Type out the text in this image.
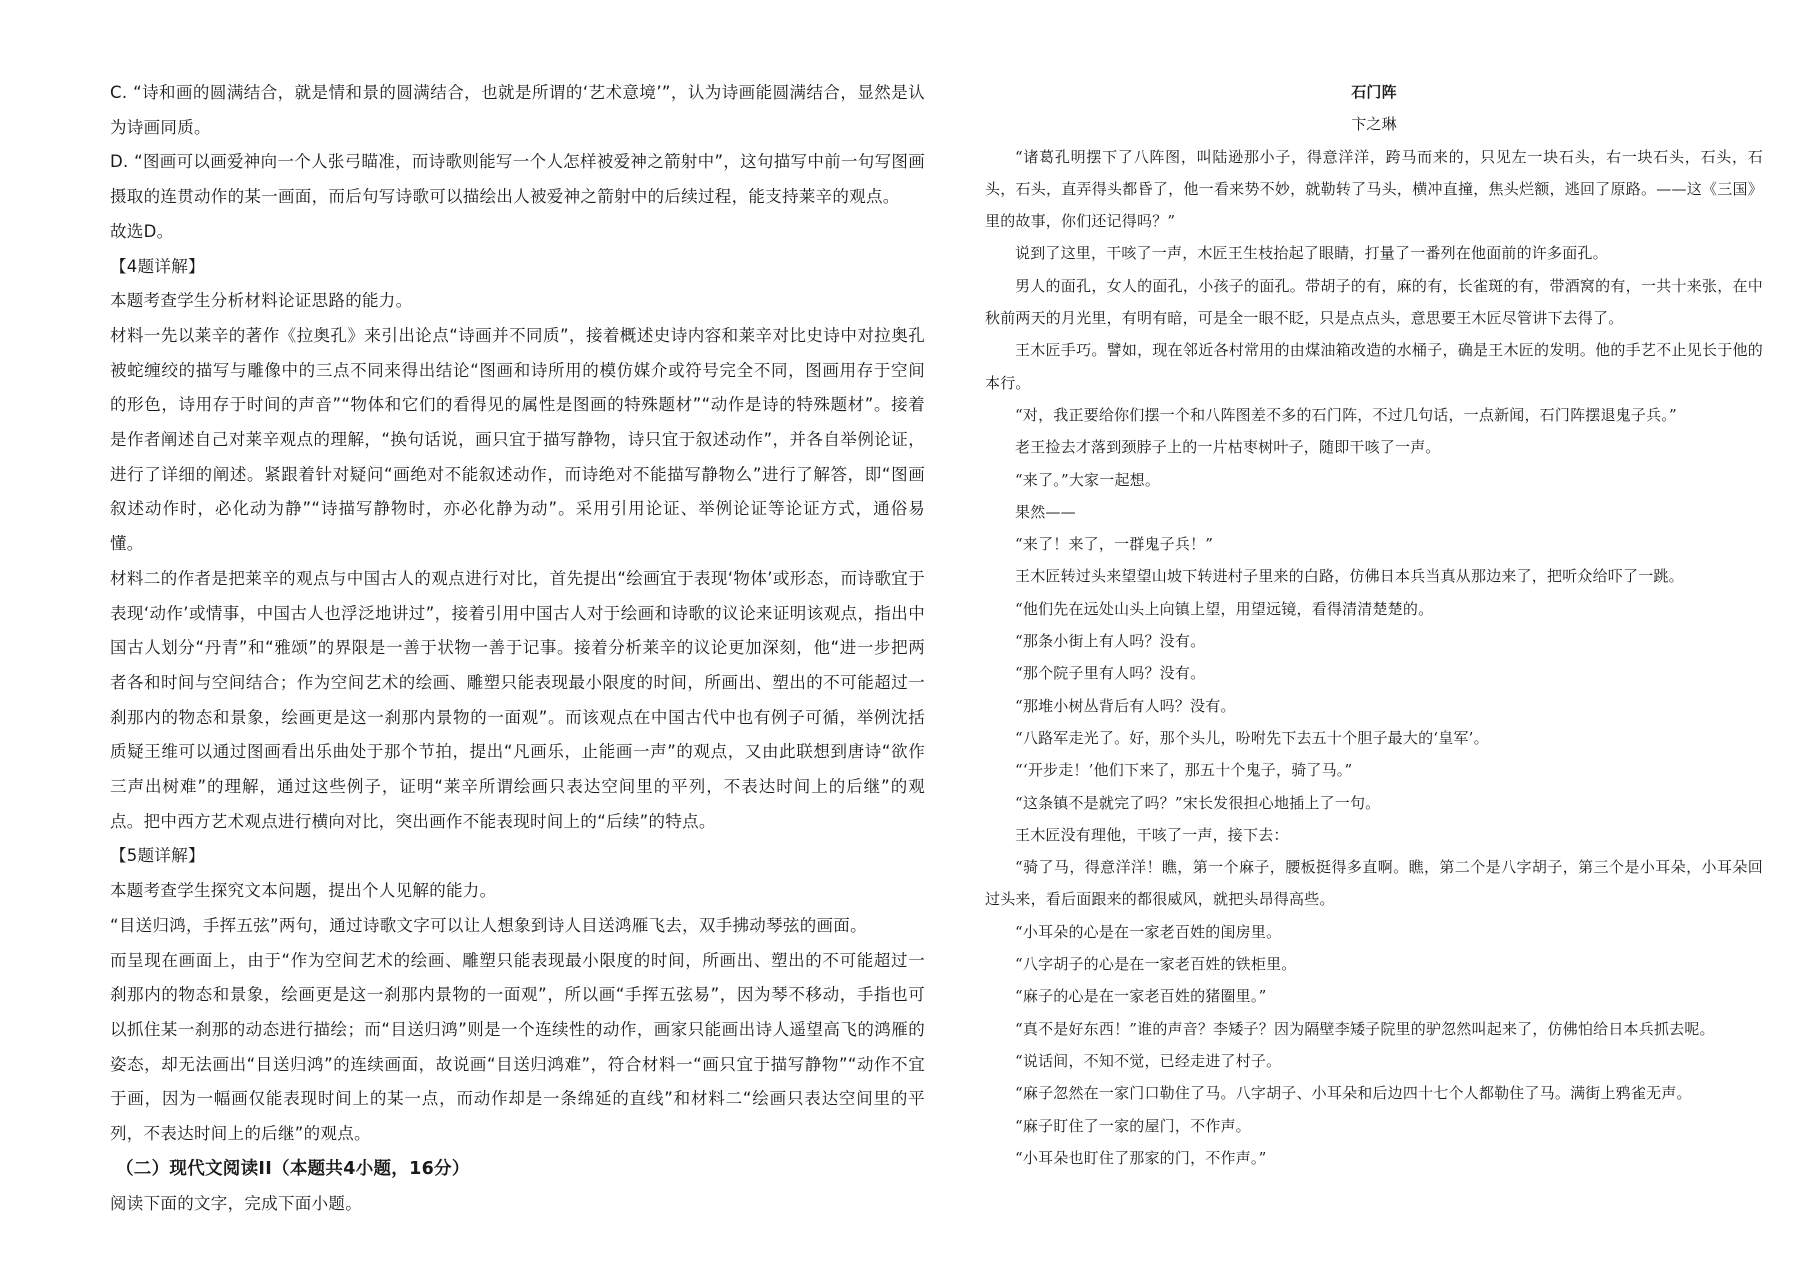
C. “诗和画的圆满结合，就是情和景的圆满结合，也就是所谓的‘艺术意境’”，认为诗画能圆满结合，显然是认为诗画同质。

D. “图画可以画爱神向一个人张弓瞄准，而诗歌则能写一个人怎样被爱神之箭射中”，这句描写中前一句写图画摄取的连贯动作的某一画面，而后句写诗歌可以描绘出人被爱神之箭射中的后续过程，能支持莱辛的观点。

故选D。

【4题详解】

本题考查学生分析材料论证思路的能力。

材料一先以莱辛的著作《拉奥孔》来引出论点“诗画并不同质”，接着概述史诗内容和莱辛对比史诗中对拉奥孔被蛇缠绞的描写与雕像中的三点不同来得出结论“图画和诗所用的模仿媒介或符号完全不同，图画用存于空间的形色，诗用存于时间的声音”“物体和它们的看得见的属性是图画的特殊题材”“动作是诗的特殊题材”。接着是作者阐述自己对莱辛观点的理解，“换句话说，画只宜于描写静物，诗只宜于叙述动作”，并各自举例论证，进行了详细的阐述。紧跟着针对疑问“画绝对不能叙述动作，而诗绝对不能描写静物么”进行了解答，即“图画叙述动作时，必化动为静”“诗描写静物时，亦必化静为动”。采用引用论证、举例论证等论证方式，通俗易懂。

材料二的作者是把莱辛的观点与中国古人的观点进行对比，首先提出“绘画宜于表现‘物体’或形态，而诗歌宜于表现‘动作’或情事，中国古人也浮泛地讲过”，接着引用中国古人对于绘画和诗歌的议论来证明该观点，指出中国古人划分“丹青”和“雅颂”的界限是一善于状物一善于记事。接着分析莱辛的议论更加深刻，他“进一步把两者各和时间与空间结合；作为空间艺术的绘画、雕塑只能表现最小限度的时间，所画出、塑出的不可能超过一刹那内的物态和景象，绘画更是这一刹那内景物的一面观”。而该观点在中国古代中也有例子可循，举例沈括质疑王维可以通过图画看出乐曲处于那个节拍，提出“凡画乐，止能画一声”的观点，又由此联想到唐诗“欲作三声出树难”的理解，通过这些例子，证明“莱辛所谓绘画只表达空间里的平列，不表达时间上的后继”的观点。把中西方艺术观点进行横向对比，突出画作不能表现时间上的“后续”的特点。

【5题详解】

本题考查学生探究文本问题，提出个人见解的能力。

“目送归鸿，手挥五弦”两句，通过诗歌文字可以让人想象到诗人目送鸿雁飞去，双手拂动琴弦的画面。

而呈现在画面上，由于“作为空间艺术的绘画、雕塑只能表现最小限度的时间，所画出、塑出的不可能超过一刹那内的物态和景象，绘画更是这一刹那内景物的一面观”，所以画“手挥五弦易”，因为琴不移动，手指也可以抓住某一刹那的动态进行描绘；而“目送归鸿”则是一个连续性的动作，画家只能画出诗人遥望高飞的鸿雁的姿态，却无法画出“目送归鸿”的连续画面，故说画“目送归鸿难”，符合材料一“画只宜于描写静物”“动作不宜于画，因为一幅画仅能表现时间上的某一点，而动作却是一条绵延的直线”和材料二“绘画只表达空间里的平列，不表达时间上的后继”的观点。

（二）现代文阅读II（本题共4小题，16分）

阅读下面的文字，完成下面小题。

石门阵

卞之琳

“诸葛孔明摆下了八阵图，叫陆逊那小子，得意洋洋，跨马而来的，只见左一块石头，右一块石头，石头，石头，石头，直弄得头都昏了，他一看来势不妙，就勒转了马头，横冲直撞，焦头烂额，逃回了原路。——这《三国》里的故事，你们还记得吗？”

说到了这里，干咳了一声，木匠王生枝抬起了眼睛，打量了一番列在他面前的许多面孔。

男人的面孔，女人的面孔，小孩子的面孔。带胡子的有，麻的有，长雀斑的有，带酒窝的有，一共十来张，在中秋前两天的月光里，有明有暗，可是全一眼不眨，只是点点头，意思要王木匠尽管讲下去得了。

王木匠手巧。譬如，现在邻近各村常用的由煤油箱改造的水桶子，确是王木匠的发明。他的手艺不止见长于他的本行。

“对，我正要给你们摆一个和八阵图差不多的石门阵，不过几句话，一点新闻，石门阵摆退鬼子兵。”

老王捡去才落到颈脖子上的一片枯枣树叶子，随即干咳了一声。

“来了。”大家一起想。

果然——

“来了！来了，一群鬼子兵！”

王木匠转过头来望望山坡下转进村子里来的白路，仿佛日本兵当真从那边来了，把听众给吓了一跳。

“他们先在远处山头上向镇上望，用望远镜，看得清清楚楚的。

“那条小街上有人吗？没有。

“那个院子里有人吗？没有。

“那堆小树丛背后有人吗？没有。

“八路军走光了。好，那个头儿，吩咐先下去五十个胆子最大的‘皇军’。

“‘开步走！’他们下来了，那五十个鬼子，骑了马。”

“这条镇不是就完了吗？”宋长发很担心地插上了一句。

王木匠没有理他，干咳了一声，接下去：

“骑了马，得意洋洋！瞧，第一个麻子，腰板挺得多直啊。瞧，第二个是八字胡子，第三个是小耳朵，小耳朵回过头来，看后面跟来的都很威风，就把头昂得高些。

“小耳朵的心是在一家老百姓的闺房里。

“八字胡子的心是在一家老百姓的铁柜里。

“麻子的心是在一家老百姓的猪圈里。”

“真不是好东西！”谁的声音？李矮子？因为隔壁李矮子院里的驴忽然叫起来了，仿佛怕给日本兵抓去呢。

“说话间，不知不觉，已经走进了村子。

“麻子忽然在一家门口勒住了马。八字胡子、小耳朵和后边四十七个人都勒住了马。满街上鸦雀无声。

“麻子盯住了一家的屋门，不作声。

“小耳朵也盯住了那家的门，不作声。”
